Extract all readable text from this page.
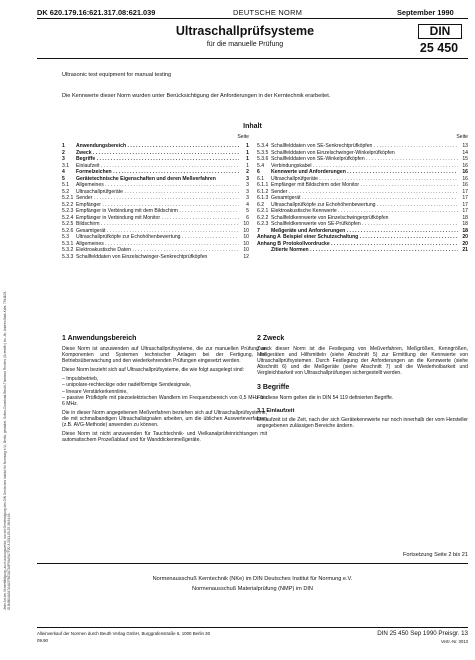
Jede Art der Vervielfältigung, auch auszugsweise, nur mit Genehmigung des DIN Deutsches Institut für Normung e.V., Berlin, gestattet. Softon-Download-Beuth-Thomson Reuters (Scientific) Inc.-Nr. Andrew Baik-Kdhr. 7541103-ID.B4B04A047A4A37BC0A7A0F99A5A7F20.3-2011-05-25 16:54:04
DK 620.179.16:621.317.08:621.039	DEUTSCHE NORM	September 1990
Ultraschallprüfsysteme
für die manuelle Prüfung
DIN
25 450
Ultrasonic test equipment for manual testing
Die Kennwerte dieser Norm wurden unter Berücksichtigung der Anforderungen in der Kerntechnik erarbeitet.
Inhalt
Seite	Seite
1	Anwendungsbereich . . .	1
2	Zweck . . .	1
3	Begriffe . . .	1
3.1	Einlaufzeit . . .	1
4	Formelzeichen . . .	2
5	Gerätetechnische Eigenschaften und deren Meßverfahren	3
5.1	Allgemeines . . .	3
5.2	Ultraschallprüfgeräte . . .	3
5.2.1 Sender . . .	3
5.2.2 Empfänger . . .	4
5.2.3 Empfänger in Verbindung mit dem Bildschirm . . .	5
5.2.4 Empfänger in Verbindung mit Monitor . . .	6
5.2.5 Bildschirm . . .	10
5.2.6 Gesamtgerät . . .	10
5.3	Ultraschallprüfköpfe zur Echohöhenbewertung . . .	10
5.3.1 Allgemeines . . .	10
5.3.2 Elektroakustische Daten . . .	10
5.3.3 Schallfelddaten von Einzelschwinger-Senkrechtprüfköpfen	12
5.3.4 Schallfelddaten von SE-Senkrechtprüfköpfen . . .	13
5.3.5 Schallfelddaten von Einzelschwinger-Winkelprüfköpfen	14
5.3.6 Schallfelddaten von SE-Winkelprüfköpfen . . .	15
5.4	Verbindungskabel . . .	16
6	Kennwerte und Anforderungen . . .	16
6.1	Ultraschallprüfgeräte . . .	16
6.1.1 Empfänger mit Bildschirm oder Monitor . . .	16
6.1.2 Sender . . .	17
6.1.3 Gesamtgerät . . .	17
6.2	Ultraschallprüfköpfe zur Echohöhenbewertung . . .	17
6.2.1 Elektroakustische Kennwerte . . .	17
6.2.2 Schallfeldkennwerte von Einzelschwingerprüfköpfen	18
6.2.3 Schallfeldkennwerte von SE-Prüfköpfen . . .	18
7	Meßgeräte und Anforderungen . . .	18
Anhang A Beispiel einer Schutzschaltung . . .	20
Anhang B Protokollvordrucke . . .	20
Zitierte Normen . . .	21
1 Anwendungsbereich

Diese Norm ist anzuwenden auf Ultraschallprüfsysteme, die zur manuellen Prüfung an Komponenten und Systemen technischer Anlagen bei der Fertigung, der Betriebsüberwachung und den wiederkehrenden Prüfungen eingesetzt werden.

Diese Norm bezieht sich auf Ultraschallprüfsysteme, die wie folgt ausgelegt sind:

– Impulsbetrieb,
– unipolare-rechteckige oder nadelförmige Sendesignale,
– lineare Verstärkerkennlinie,
– passive Prüfköpfe mit piezoelektrischen Wandlern im Frequenzbereich von 0,5 MHz bis 6 MHz.

Die in dieser Norm angegebenen Meßverfahren beziehen sich auf Ultraschallprüfsysteme, die mit schmalbandigen Ultraschallsignalen arbeiten, um die üblichen Auswerteverfahren (z.B. AVG-Methode) anwenden zu können.

Diese Norm ist nicht anzuwenden für Tauchtechnik- und Vielkanalprüfeinrichtungen mit automatischem Prozeßablauf und für Wanddickenmeßgeräte.

2 Zweck

Zweck dieser Norm ist die Festlegung von Meßverfahren, Meßgrößen, Kenngrößen, Meßgeräten und Hilfsmitteln (siehe Abschnitt 5) zur Ermittlung der Kennwerte von Ultraschallprüfsystemen. Durch Festlegung der Anforderungen an die Kennwerte (siehe Abschnitt 6) und die Meßgeräte (siehe Abschnitt 7) soll die Wiederholbarkeit und Vergleichbarkeit von Ultraschallprüfungen sichergestellt werden.

3 Begriffe

Für diese Norm gelten die in DIN 54 119 definierten Begriffe.

3.1 Einlaufzeit

Einlaufzeit ist die Zeit, nach der sich Gerätekennwerte nur noch innerhalb der vom Hersteller angegebenen zulässigen Bereiche ändern.

Fortsetzung Seite 2 bis 21
Normenausschuß Kerntechnik (NKe) im DIN Deutsches Institut für Normung e.V.
Normenausschuß Materialprüfung (NMP) im DIN
Alleinverkauf der Normen durch Beuth Verlag GmbH, Burggrafenstraße 6, 1000 Berlin 30
09.90
DIN 25 450 Sep 1990 Preisgr. 13
Vertr.-Nr. 0013
